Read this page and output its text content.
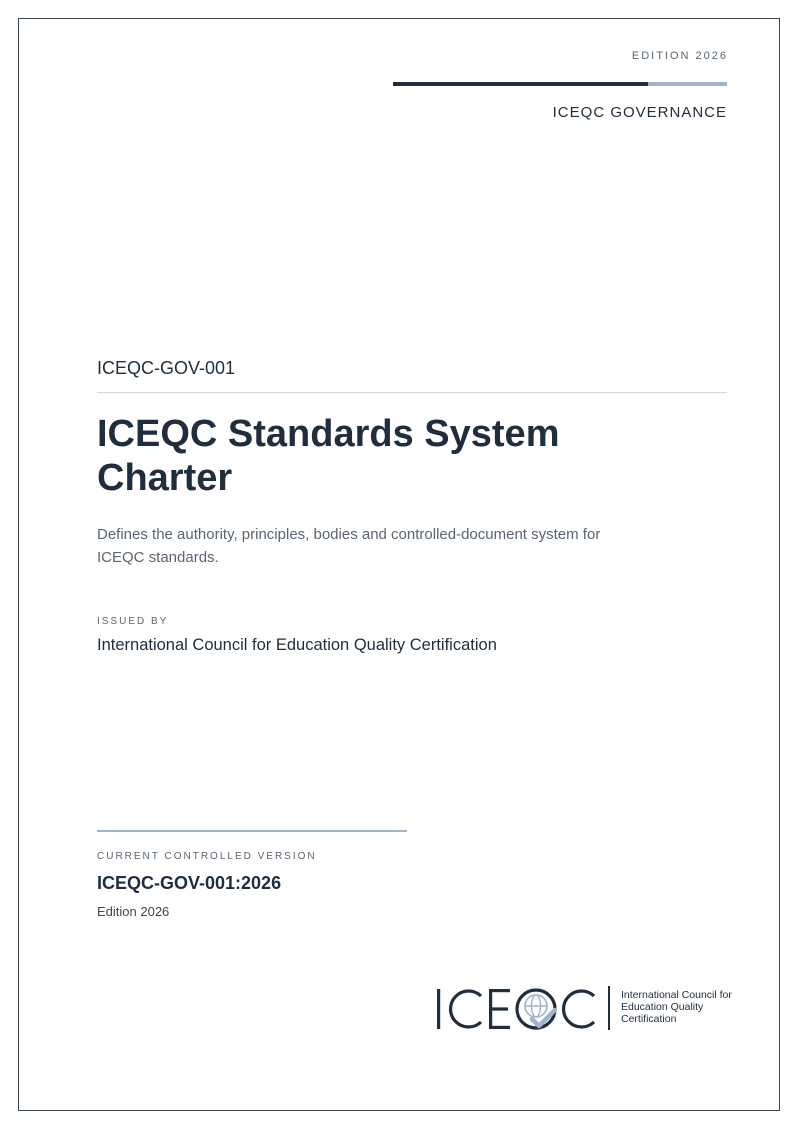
EDITION 2026
ICEQC GOVERNANCE
ICEQC-GOV-001
ICEQC Standards System Charter

Defines the authority, principles, bodies and controlled-document system for ICEQC standards.

ISSUED BY
International Council for Education Quality Certification
CURRENT CONTROLLED VERSION
ICEQC-GOV-001:2026
Edition 2026
International Council for
Education Quality
Certification
